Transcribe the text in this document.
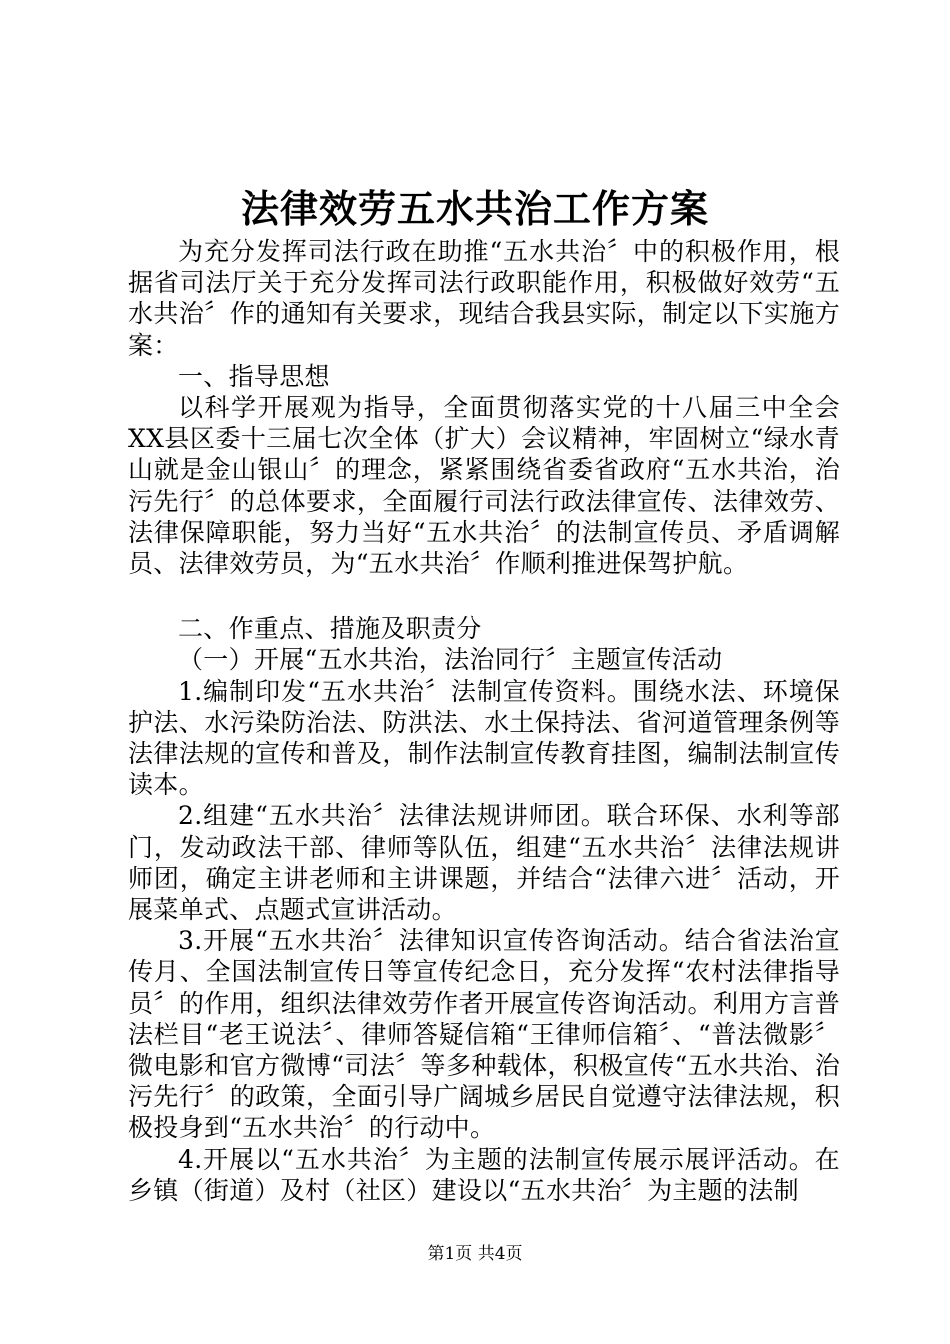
法律效劳五水共治工作方案

为充分发挥司法行政在助推“五水共治〞中的积极作用，根据省司法厅关于充分发挥司法行政职能作用，积极做好效劳“五水共治〞作的通知有关要求，现结合我县实际，制定以下实施方案：

一、指导思想

以科学开展观为指导，全面贯彻落实党的十八届三中全会XX县区委十三届七次全体（扩大）会议精神，牢固树立“绿水青山就是金山银山〞的理念，紧紧围绕省委省政府“五水共治，治污先行〞的总体要求，全面履行司法行政法律宣传、法律效劳、法律保障职能，努力当好“五水共治〞的法制宣传员、矛盾调解员、法律效劳员，为“五水共治〞作顺利推进保驾护航。

二、作重点、措施及职责分

（一）开展“五水共治，法治同行〞主题宣传活动

1.编制印发“五水共治〞法制宣传资料。围绕水法、环境保护法、水污染防治法、防洪法、水土保持法、省河道管理条例等法律法规的宣传和普及，制作法制宣传教育挂图，编制法制宣传读本。

2.组建“五水共治〞法律法规讲师团。联合环保、水利等部门，发动政法干部、律师等队伍，组建“五水共治〞法律法规讲师团，确定主讲老师和主讲课题，并结合“法律六进〞活动，开展菜单式、点题式宣讲活动。

3.开展“五水共治〞法律知识宣传咨询活动。结合省法治宣传月、全国法制宣传日等宣传纪念日，充分发挥“农村法律指导员〞的作用，组织法律效劳作者开展宣传咨询活动。利用方言普法栏目“老王说法〞、律师答疑信箱“王律师信箱〞、“普法微影〞微电影和官方微博“司法〞等多种载体，积极宣传“五水共治、治污先行〞的政策，全面引导广阔城乡居民自觉遵守法律法规，积极投身到“五水共治〞的行动中。

4.开展以“五水共治〞为主题的法制宣传展示展评活动。在乡镇（街道）及村（社区）建设以“五水共治〞为主题的法制

第1页 共4页
